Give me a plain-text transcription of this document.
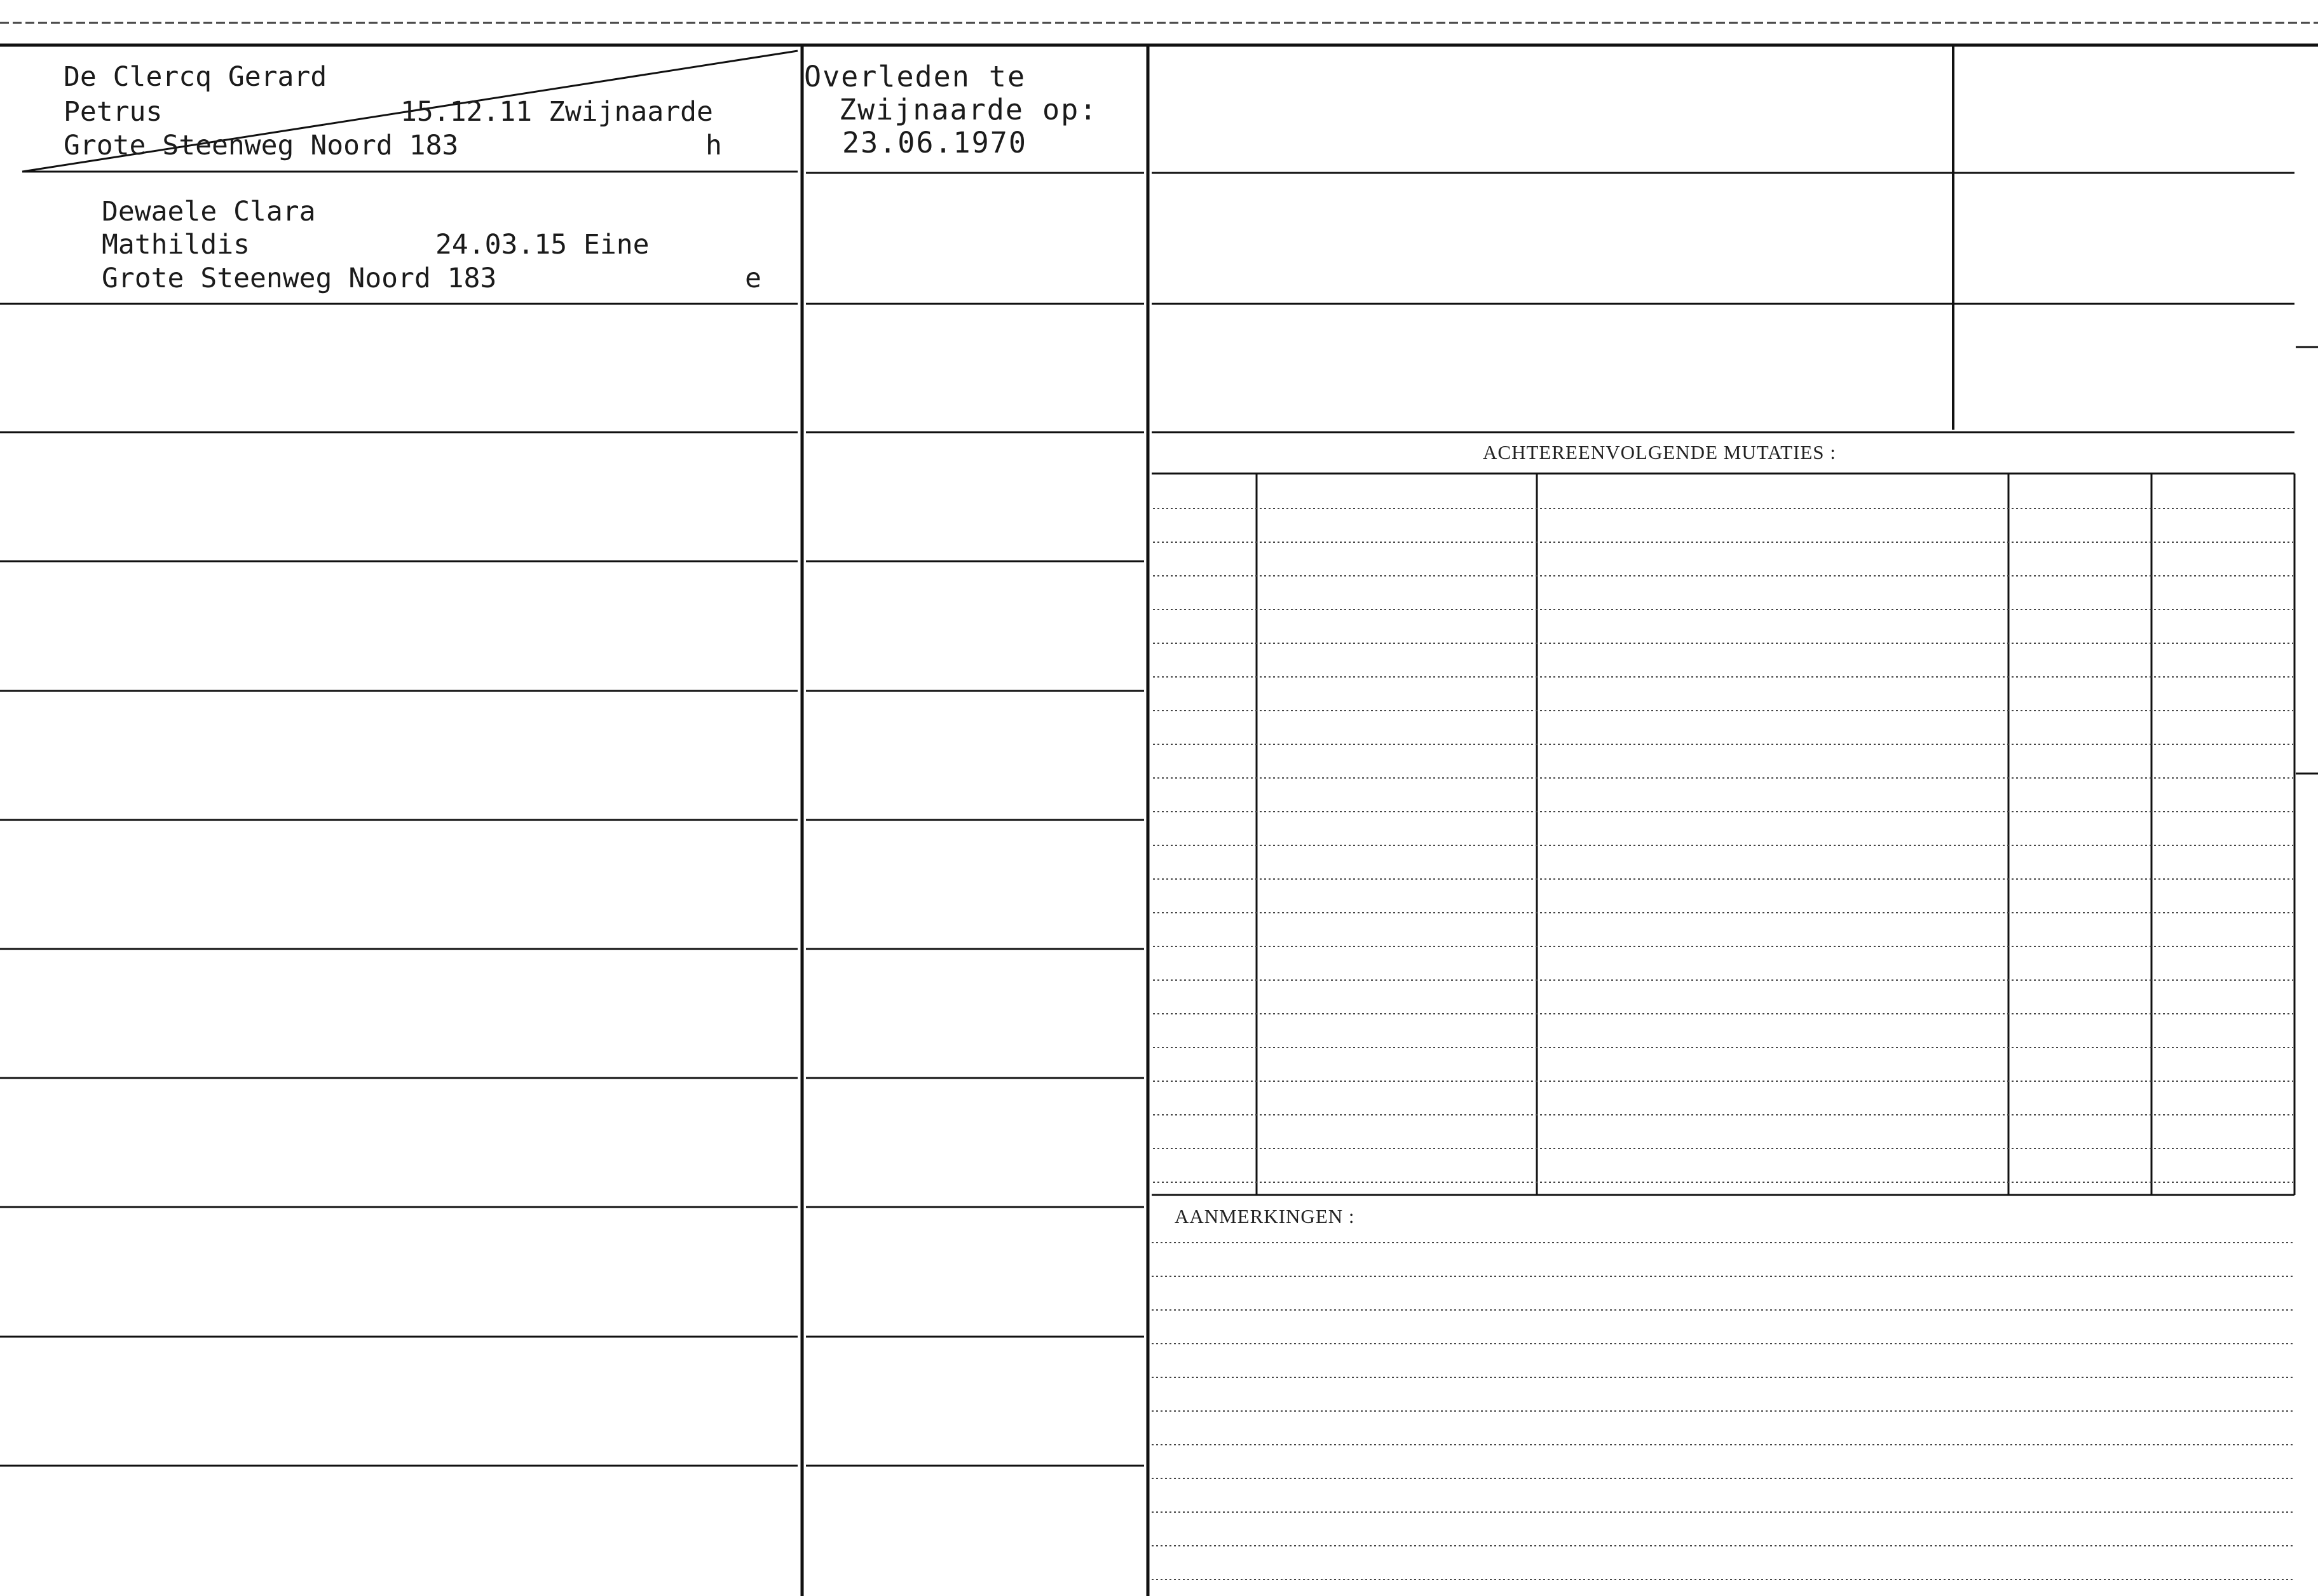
De Clercq Gerard
Petrus	15.12.11 Zwijnaarde
Grote Steenweg Noord 183	h
Dewaele Clara
Mathildis	24.03.15 Eine
Grote Steenweg Noord 183	e
Overleden te
Zwijnaarde op:
23.06.1970
ACHTEREENVOLGENDE MUTATIES :
AANMERKINGEN :
